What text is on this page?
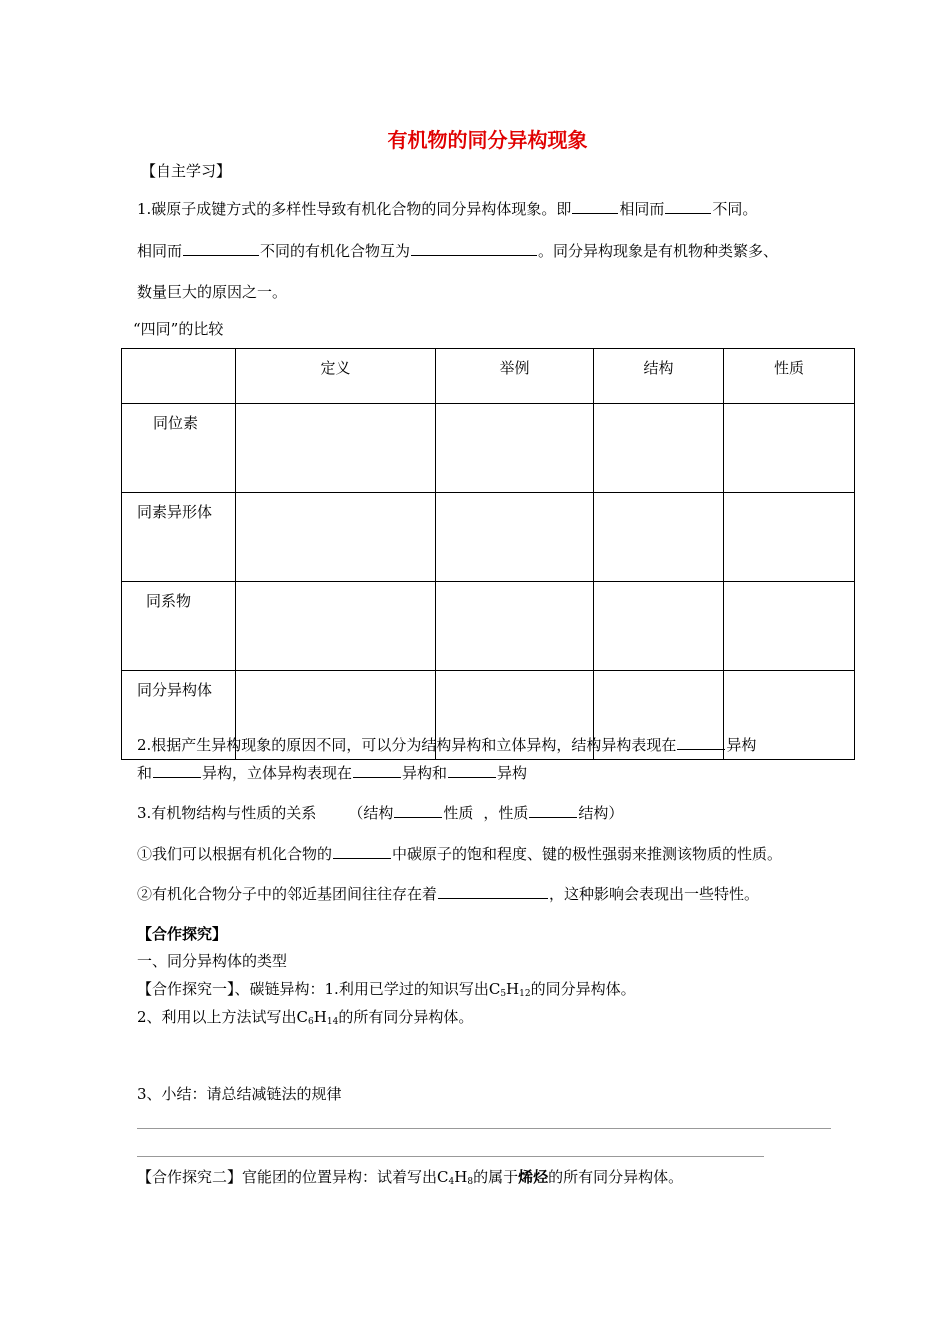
有机物的同分异构现象
【自主学习】
1.碳原子成键方式的多样性导致有机化合物的同分异构体现象。即	相同而	不同。
相同而	不同的有机化合物互为	。同分异构现象是有机物种类繁多、
数量巨大的原因之一。
“四同”的比较
	定义	举例	结构	性质
同位素				
同素异形体				
同系物				
同分异构体				
2.根据产生异构现象的原因不同，可以分为结构异构和立体异构，结构异构表现在	异构
和	异构，立体异构表现在	异构和	异构
3.有机物结构与性质的关系 （结构	性质 ，性质	结构）
①我们可以根据有机化合物的	中碳原子的饱和程度、键的极性强弱来推测该物质的性质。
②有机化合物分子中的邻近基团间往往存在着	，这种影响会表现出一些特性。
【合作探究】
一、同分异构体的类型
【合作探究一】、碳链异构：1.利用已学过的知识写出$C_5H_{12}$的同分异构体。
2、利用以上方法试写出$C_6H_{14}$的所有同分异构体。
3、小结：请总结减链法的规律
【合作探究二】官能团的位置异构：试着写出$C_4H_8$的属于烯烃的所有同分异构体。
